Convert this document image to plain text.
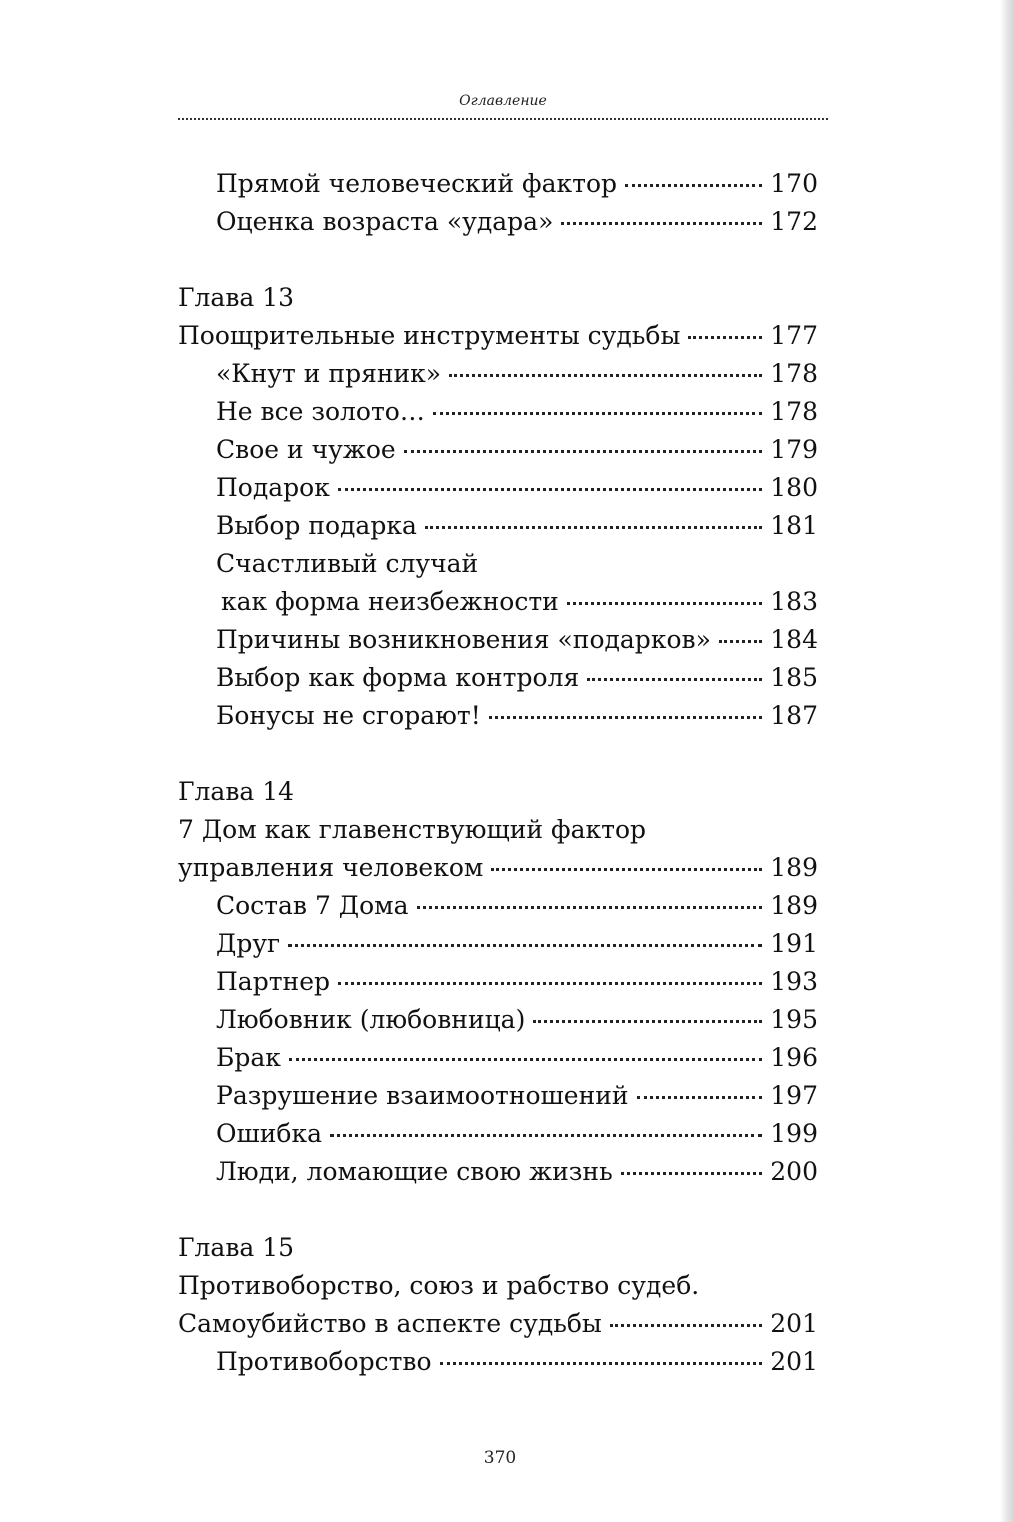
Оглавление
Прямой человеческий фактор	170
Оценка возраста «удара»	172
Глава 13
Поощрительные инструменты судьбы	177
«Кнут и пряник»	178
Не все золото…	178
Свое и чужое	179
Подарок	180
Выбор подарка	181
Счастливый случай
как форма неизбежности	183
Причины возникновения «подарков» 184
Выбор как форма контроля	185
Бонусы не сгорают!	187
Глава 14
7 Дом как главенствующий фактор
управления человеком	189
Состав 7 Дома	189
Друг	191
Партнер	193
Любовник (любовница)	195
Брак	196
Разрушение взаимоотношений	197
Ошибка	199
Люди, ломающие свою жизнь	200
Глава 15
Противоборство, союз и рабство судеб.
Самоубийство в аспекте судьбы	201
Противоборство	201
370
